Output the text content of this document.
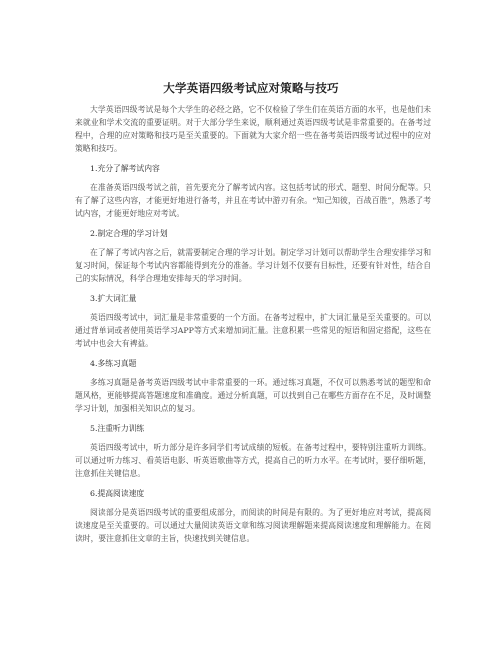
大学英语四级考试应对策略与技巧

大学英语四级考试是每个大学生的必经之路，它不仅检验了学生们在英语方面的水平，也是他们未来就业和学术交流的重要证明。对于大部分学生来说，顺利通过英语四级考试是非常重要的。在备考过程中，合理的应对策略和技巧是至关重要的。下面就为大家介绍一些在备考英语四级考试过程中的应对策略和技巧。

1.充分了解考试内容

在准备英语四级考试之前，首先要充分了解考试内容。这包括考试的形式、题型、时间分配等。只有了解了这些内容，才能更好地进行备考，并且在考试中游刃有余。“知己知彼，百战百胜”，熟悉了考试内容，才能更好地应对考试。

2.制定合理的学习计划

在了解了考试内容之后，就需要制定合理的学习计划。制定学习计划可以帮助学生合理安排学习和复习时间，保证每个考试内容都能得到充分的准备。学习计划不仅要有目标性，还要有针对性，结合自己的实际情况，科学合理地安排每天的学习时间。

3.扩大词汇量

英语四级考试中，词汇量是非常重要的一个方面。在备考过程中，扩大词汇量是至关重要的。可以通过背单词或者使用英语学习APP等方式来增加词汇量。注意积累一些常见的短语和固定搭配，这些在考试中也会大有裨益。

4.多练习真题

多练习真题是备考英语四级考试中非常重要的一环。通过练习真题，不仅可以熟悉考试的题型和命题风格，更能够提高答题速度和准确度。通过分析真题，可以找到自己在哪些方面存在不足，及时调整学习计划，加强相关知识点的复习。

5.注重听力训练

英语四级考试中，听力部分是许多同学们考试成绩的短板。在备考过程中，要特别注重听力训练。可以通过听力练习、看英语电影、听英语歌曲等方式，提高自己的听力水平。在考试时，要仔细听题，注意抓住关键信息。

6.提高阅读速度

阅读部分是英语四级考试的重要组成部分，而阅读的时间是有限的。为了更好地应对考试，提高阅读速度是至关重要的。可以通过大量阅读英语文章和练习阅读理解题来提高阅读速度和理解能力。在阅读时，要注意抓住文章的主旨，快速找到关键信息。
